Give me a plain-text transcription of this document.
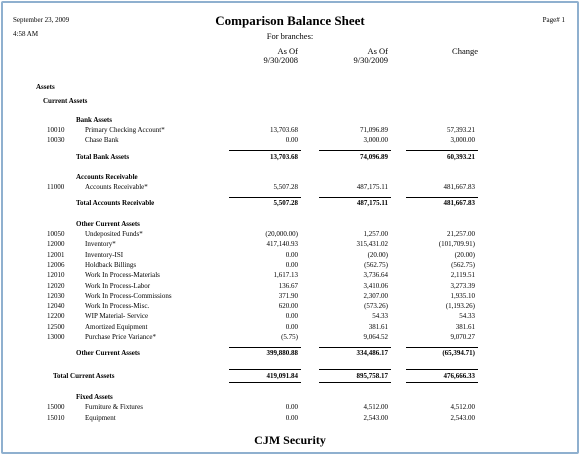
September 23, 2009
4:58 AM
Page# 1
Comparison Balance Sheet
For branches:
As Of
9/30/2008
As Of
9/30/2009
Change
Assets
Current Assets
Bank Assets
10010	Primary Checking Account*	13,703.68	71,096.89	57,393.21
10030	Chase Bank	0.00	3,000.00	3,000.00
Total Bank Assets	13,703.68	74,096.89	60,393.21
Accounts Receivable
11000	Accounts Receivable*	5,507.28	487,175.11	481,667.83
Total Accounts Receivable	5,507.28	487,175.11	481,667.83
Other Current Assets
10050	Undeposited Funds*	(20,000.00)	1,257.00	21,257.00
12000	Inventory*	417,140.93	315,431.02	(101,709.91)
12001	Inventory-ISI	0.00	(20.00)	(20.00)
12006	Holdback Billings	0.00	(562.75)	(562.75)
12010	Work In Process-Materials	1,617.13	3,736.64	2,119.51
12020	Work In Process-Labor	136.67	3,410.06	3,273.39
12030	Work In Process-Commissions	371.90	2,307.00	1,935.10
12040	Work In Process-Misc.	620.00	(573.26)	(1,193.26)
12200	WIP Material- Service	0.00	54.33	54.33
12500	Amortized Equipment	0.00	381.61	381.61
13000	Purchase Price Variance*	(5.75)	9,064.52	9,070.27
Other Current Assets	399,880.88	334,486.17	(65,394.71)
Total Current Assets	419,091.84	895,758.17	476,666.33
Fixed Assets
15000	Furniture & Fixtures	0.00	4,512.00	4,512.00
15010	Equipment	0.00	2,543.00	2,543.00
CJM Security
